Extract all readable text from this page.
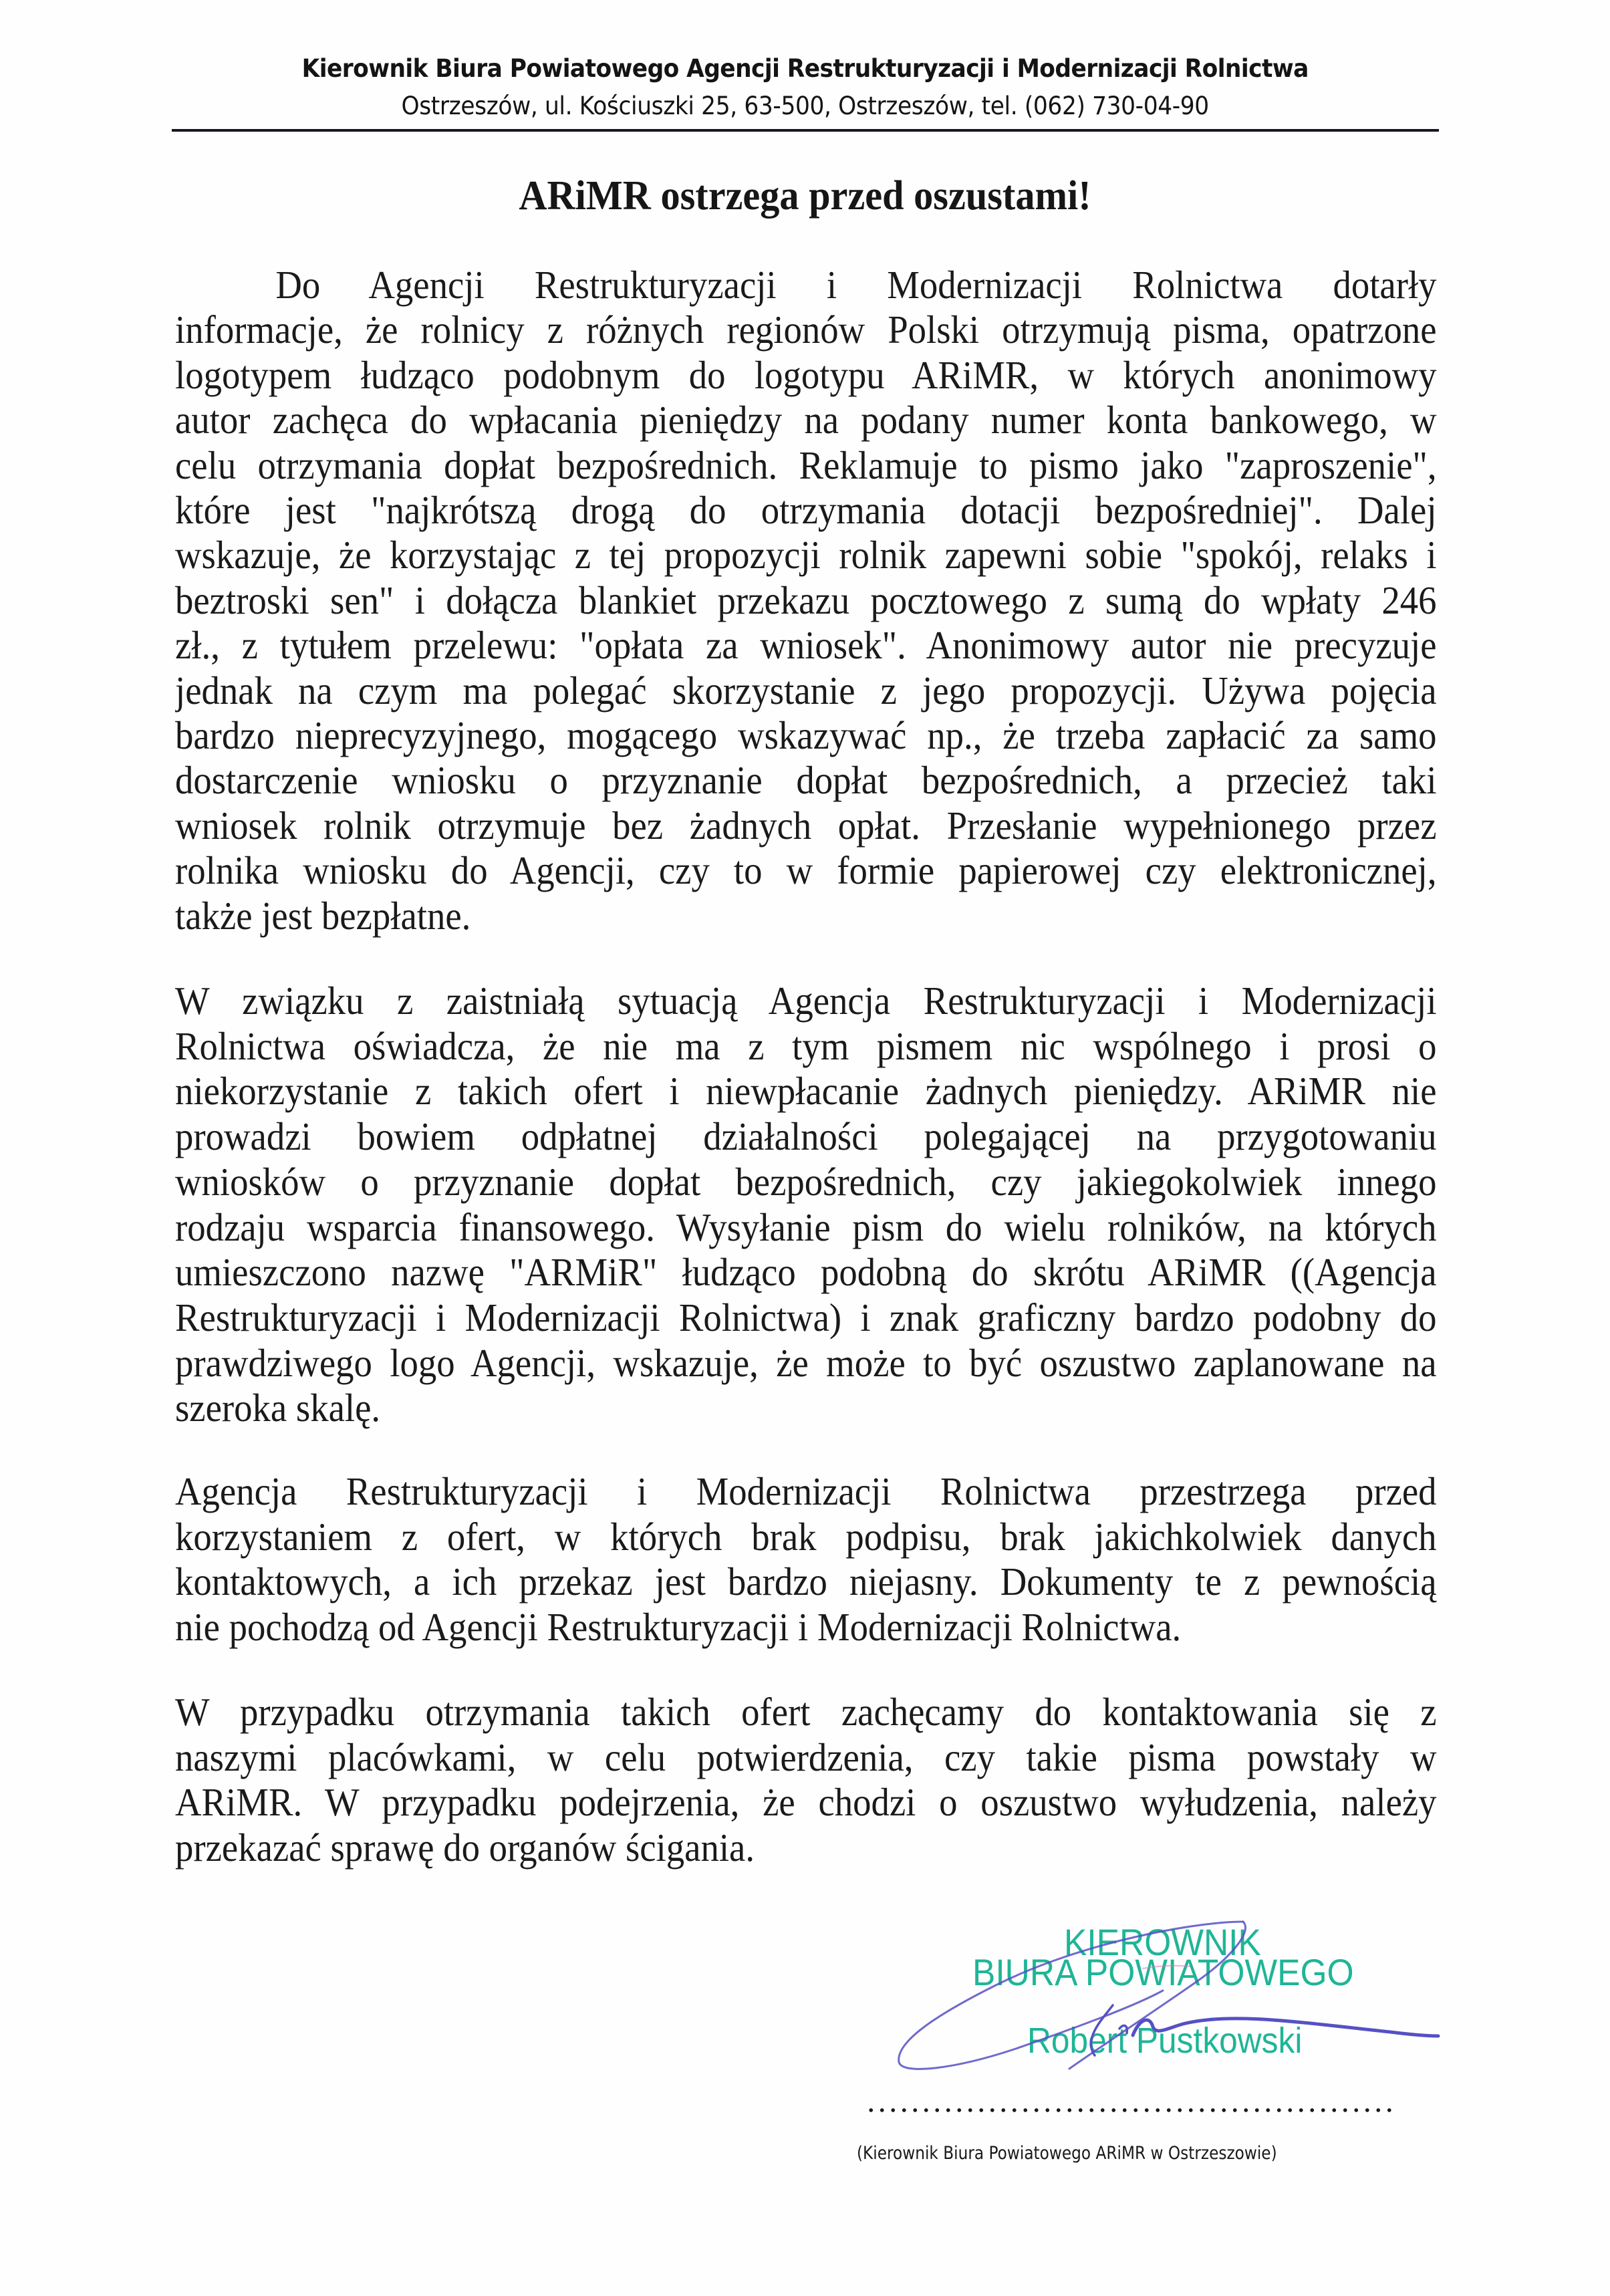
Kierownik Biura Powiatowego Agencji Restrukturyzacji i Modernizacji Rolnictwa
Ostrzeszów, ul. Kościuszki 25, 63-500, Ostrzeszów, tel. (062) 730-04-90
ARiMR ostrzega przed oszustami!
Do Agencji Restrukturyzacji i Modernizacji Rolnictwa dotarły
informacje, że rolnicy z różnych regionów Polski otrzymują pisma, opatrzone
logotypem łudząco podobnym do logotypu ARiMR, w których anonimowy
autor zachęca do wpłacania pieniędzy na podany numer konta bankowego, w
celu otrzymania dopłat bezpośrednich. Reklamuje to pismo jako "zaproszenie",
które jest "najkrótszą drogą do otrzymania dotacji bezpośredniej". Dalej
wskazuje, że korzystając z tej propozycji rolnik zapewni sobie "spokój, relaks i
beztroski sen" i dołącza blankiet przekazu pocztowego z sumą do wpłaty 246
zł., z tytułem przelewu: "opłata za wniosek". Anonimowy autor nie precyzuje
jednak na czym ma polegać skorzystanie z jego propozycji. Używa pojęcia
bardzo nieprecyzyjnego, mogącego wskazywać np., że trzeba zapłacić za samo
dostarczenie wniosku o przyznanie dopłat bezpośrednich, a przecież taki
wniosek rolnik otrzymuje bez żadnych opłat. Przesłanie wypełnionego przez
rolnika wniosku do Agencji, czy to w formie papierowej czy elektronicznej,
także jest bezpłatne.
W związku z zaistniałą sytuacją Agencja Restrukturyzacji i Modernizacji
Rolnictwa oświadcza, że nie ma z tym pismem nic wspólnego i prosi o
niekorzystanie z takich ofert i niewpłacanie żadnych pieniędzy. ARiMR nie
prowadzi bowiem odpłatnej działalności polegającej na przygotowaniu
wniosków o przyznanie dopłat bezpośrednich, czy jakiegokolwiek innego
rodzaju wsparcia finansowego. Wysyłanie pism do wielu rolników, na których
umieszczono nazwę "ARMiR" łudząco podobną do skrótu ARiMR ((Agencja
Restrukturyzacji i Modernizacji Rolnictwa) i znak graficzny bardzo podobny do
prawdziwego logo Agencji, wskazuje, że może to być oszustwo zaplanowane na
szeroka skalę.
Agencja Restrukturyzacji i Modernizacji Rolnictwa przestrzega przed
korzystaniem z ofert, w których brak podpisu, brak jakichkolwiek danych
kontaktowych, a ich przekaz jest bardzo niejasny. Dokumenty te z pewnością
nie pochodzą od Agencji Restrukturyzacji i Modernizacji Rolnictwa.
W przypadku otrzymania takich ofert zachęcamy do kontaktowania się z
naszymi placówkami, w celu potwierdzenia, czy takie pisma powstały w
ARiMR. W przypadku podejrzenia, że chodzi o oszustwo wyłudzenia, należy
przekazać sprawę do organów ścigania.
KIEROWNIK
BIURA POWIATOWEGO
Robert Pustkowski
(Kierownik Biura Powiatowego ARiMR w Ostrzeszowie)
